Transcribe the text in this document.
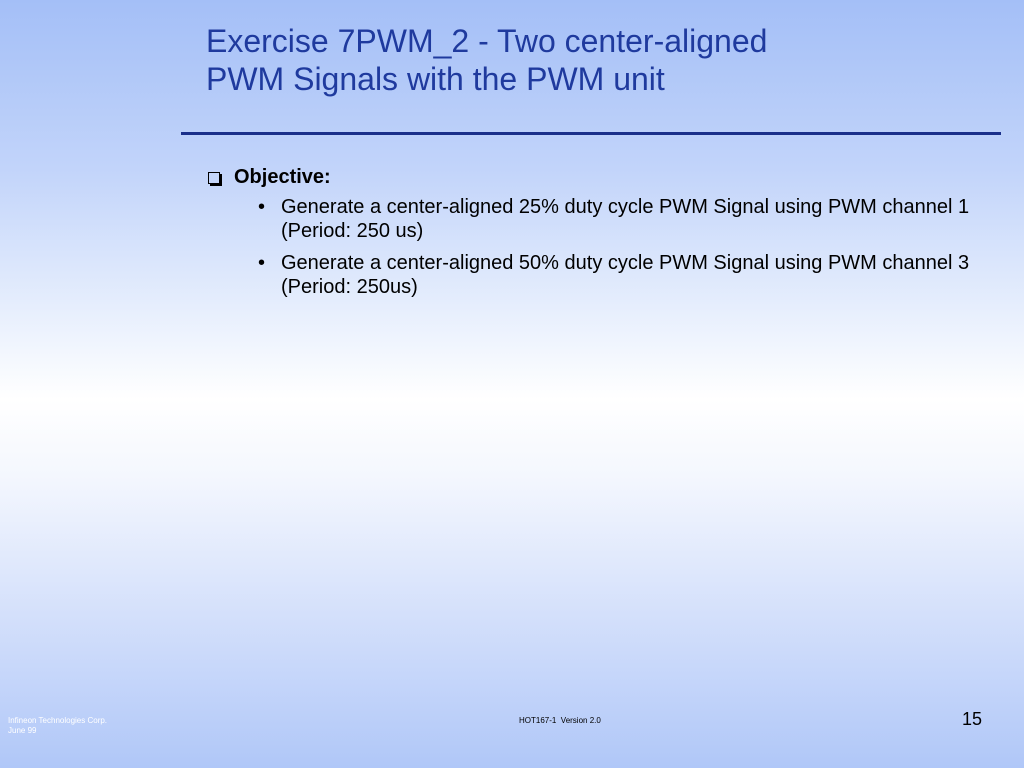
Exercise 7PWM_2 - Two center-aligned
PWM Signals with the PWM unit
Objective:
• Generate a center-aligned 25% duty cycle PWM Signal using PWM channel 1 (Period: 250 us)
• Generate a center-aligned 50% duty cycle PWM Signal using PWM channel 3 (Period: 250us)
Infineon Technologies Corp.
June 99
HOT167-1  Version 2.0	15
